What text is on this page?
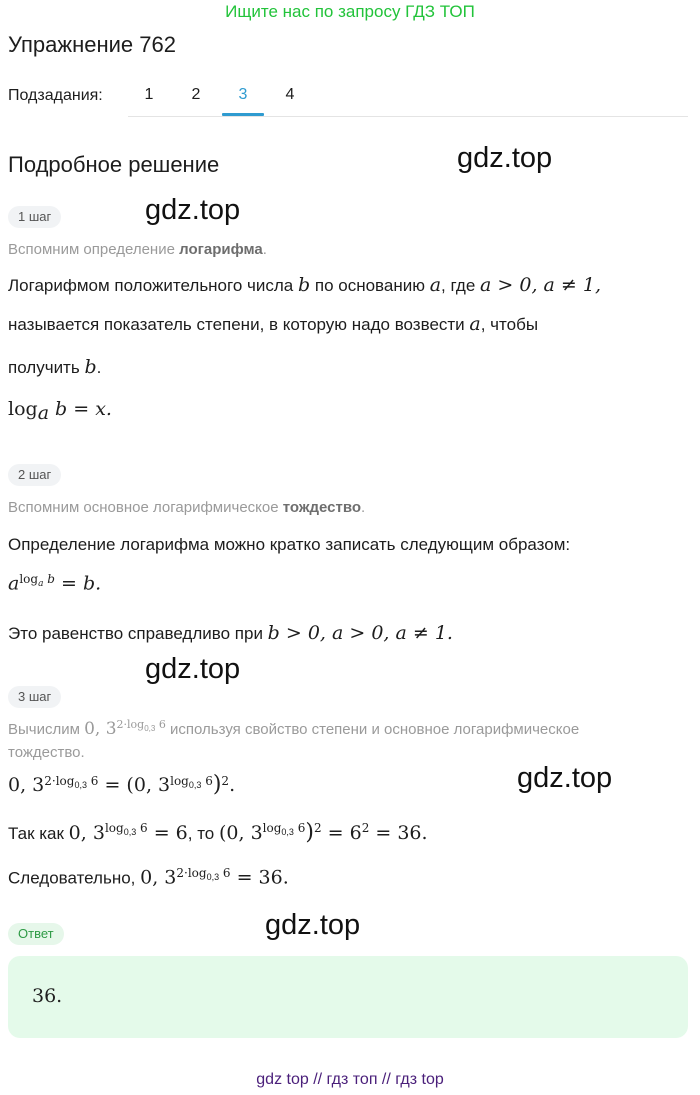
Ищите нас по запросу ГДЗ ТОП
Упражнение 762
Подзадания:	1	2	3	4
Подробное решение	gdz.top
gdz.top
gdz.top
gdz.top
gdz.top
1 шаг
Вспомним определение логарифма.
Логарифмом положительного числа b по основанию a, где a > 0, a ≠ 1,
называется показатель степени, в которую надо возвести a, чтобы
получить b.
$\log_a b = x$.
2 шаг
Вспомним основное логарифмическое тождество.
Определение логарифма можно кратко записать следующим образом:
$a^{log_a b} = b$.
Это равенство справедливо при b > 0, a > 0, a ≠ 1.
3 шаг
Вычислим 0, $3^{2\cdot log_{0,3} 6}$ используя свойство степени и основное логарифмическое
тождество.
0, $3^{2\cdot log_{0,3} 6} = (0$, $3^{log_{0,3} 6})^2$.
Так как 0, $3^{log_{0,3} 6} = 6$, то (0, $3^{log_{0,3} 6})^2 = 6^2 = 36$.
Следовательно, 0, $3^{2\cdot log_{0,3} 6} = 36$.
Ответ
36.
gdz top // гдз топ // гдз top
